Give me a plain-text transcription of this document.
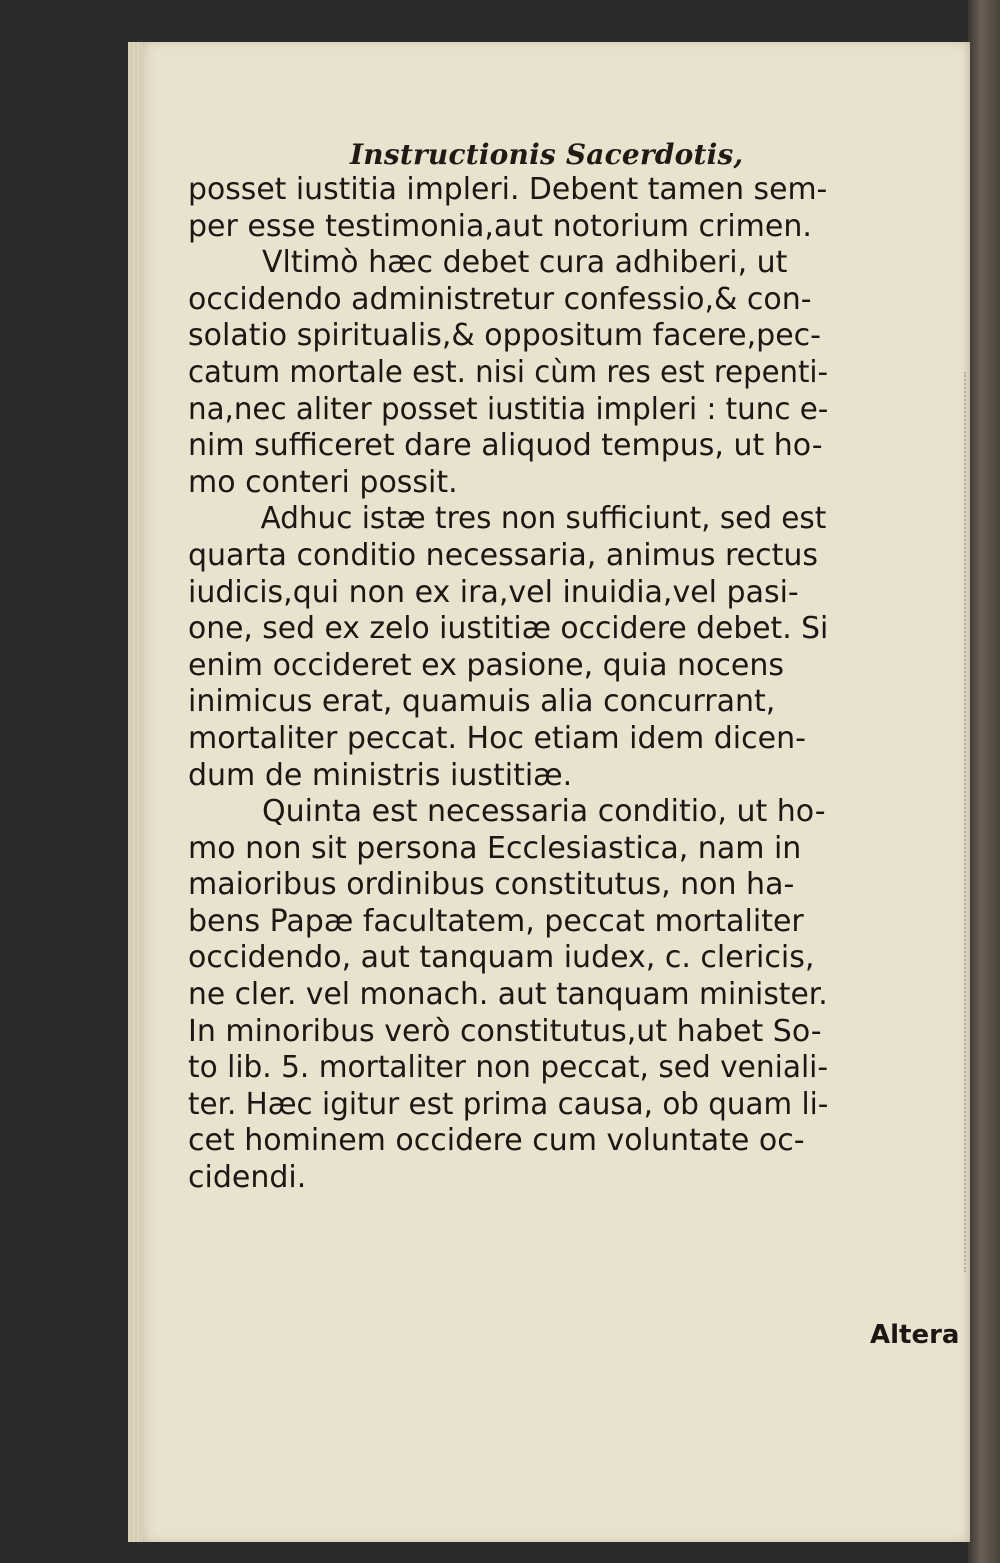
Instructionis Sacerdotis,
posset iustitia impleri. Debent tamen sem-
per esse testimonia,aut notorium crimen.
Vltimò hæc debet cura adhiberi, ut
occidendo administretur confessio,& con-
solatio spiritualis,& oppositum facere,pec-
catum mortale est. nisi cùm res est repenti-
na,nec aliter posset iustitia impleri : tunc e-
nim sufficeret dare aliquod tempus, ut ho-
mo conteri possit.
Adhuc istæ tres non sufficiunt, sed est
quarta conditio necessaria, animus rectus
iudicis,qui non ex ira,vel inuidia,vel pasi-
one, sed ex zelo iustitiæ occidere debet. Si
enim occideret ex pasione, quia nocens
inimicus erat, quamuis alia concurrant,
mortaliter peccat. Hoc etiam idem dicen-
dum de ministris iustitiæ.
Quinta est necessaria conditio, ut ho-
mo non sit persona Ecclesiastica, nam in
maioribus ordinibus constitutus, non ha-
bens Papæ facultatem, peccat mortaliter
occidendo, aut tanquam iudex, c. clericis,
ne cler. vel monach. aut tanquam minister.
In minoribus verò constitutus,ut habet So-
to lib. 5. mortaliter non peccat, sed veniali-
ter. Hæc igitur est prima causa, ob quam li-
cet hominem occidere cum voluntate oc-
cidendi.
Altera
